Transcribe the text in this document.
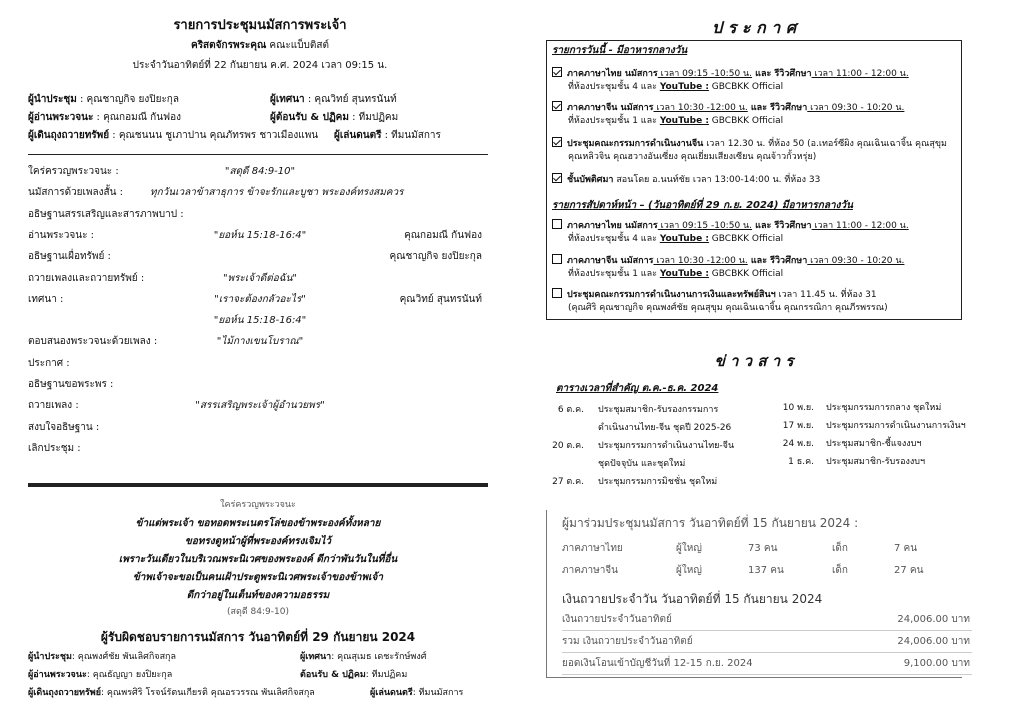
รายการประชุมนมัสการพระเจ้า
คริสตจักรพระคุณ คณะแบ็บติสต์
ประจำวันอาทิตย์ที่ 22 กันยายน ค.ศ. 2024 เวลา 09:15 น.
ผู้นำประชุม : คุณชาญกิจ ยงปิยะกุล	ผู้เทศนา : คุณวิทย์ สุนทรนันท์
ผู้อ่านพระวจนะ : คุณกอมณี กันฟอง	ผู้ต้อนรับ & ปฏิคม : ทีมปฏิคม
ผู้เดินถุงถวายทรัพย์ : คุณชนนน ชูเภาปาน คุณภัทรพร ชาวเมืองแพน ผู้เล่นดนตรี : ทีมนมัสการ
ใคร่ครวญพระวจนะ :	"สดุดี 84:9-10"
นมัสการด้วยเพลงสั้น :	ทุกวันเวลาข้าสาธุการ ข้าจะรักและบูชา พระองค์ทรงสมควร
อธิษฐานสรรเสริญและสารภาพบาป :
อ่านพระวจนะ :	"ยอห์น 15:18-16:4"	คุณกอมณี กันฟอง
อธิษฐานเผื่อทรัพย์ :	คุณชาญกิจ ยงปิยะกุล
ถวายเพลงและถวายทรัพย์ :	"พระเจ้าดีต่อฉัน"
เทศนา :	"เราจะต้องกลัวอะไร"	คุณวิทย์ สุนทรนันท์
"ยอห์น 15:18-16:4"
ตอบสนองพระวจนะด้วยเพลง :	"ไม้กางเขนโบราณ"
ประกาศ :
อธิษฐานขอพระพร :
ถวายเพลง :	"สรรเสริญพระเจ้าผู้อำนวยพร"
สงบใจอธิษฐาน :
เลิกประชุม :
ใคร่ครวญพระวจนะ
ข้าแต่พระเจ้า ขอทอดพระเนตรโล่ของข้าพระองค์ทั้งหลาย
ขอทรงดูหน้าผู้ที่พระองค์ทรงเจิมไว้
เพราะวันเดียวในบริเวณพระนิเวศของพระองค์ ดีกว่าพันวันในที่อื่น
ข้าพเจ้าจะขอเป็นคนเฝ้าประตูพระนิเวศพระเจ้าของข้าพเจ้า
ดีกว่าอยู่ในเต็นท์ของความอธรรม
(สดุดี 84:9-10)
ผู้รับผิดชอบรายการนมัสการ วันอาทิตย์ที่ 29 กันยายน 2024
ผู้นำประชุม: คุณพงศ์ชัย พันเลิศกิจสกุล	ผู้เทศนา: คุณสุเมธ เดชะรักษ์พงศ์
ผู้อ่านพระวจนะ: คุณธัญญา ยงปิยะกุล	ต้อนรับ & ปฏิคม: ทีมปฏิคม
ผู้เดินถุงถวายทรัพย์: คุณพรศิริ โรจน์รัตนเกียรติ คุณอรวรรณ พันเลิศกิจสกุล	ผู้เล่นดนตรี: ทีมนมัสการ
ป ร ะ ก า ศ
รายการวันนี้ - มีอาหารกลางวัน
ภาคภาษาไทย นมัสการ เวลา 09:15 -10:50 น. และ รีวิวศึกษา เวลา 11:00 - 12:00 น.
ที่ห้องประชุมชั้น 4 และ YouTube : GBCBKK Official
ภาคภาษาจีน นมัสการ เวลา 10:30 -12:00 น. และ รีวิวศึกษา เวลา 09:30 - 10:20 น.
ที่ห้องประชุมชั้น 1 และ YouTube : GBCBKK Official
ประชุมคณะกรรมการดำเนินงานจีน เวลา 12.30 น. ที่ห้อง 50 (อ.เทอร์ซีผิง คุณเฉินเฉาจิ้น คุณสุขุม
คุณหลิวจิน คุณฮวางอันเซี่ยง คุณเยี่ยมเสียงเซียน คุณจ้าวกั้วหรุ่ย)
ชั้นบัพติศมา สอนโดย อ.นนท์ชัย เวลา 13:00-14:00 น. ที่ห้อง 33
รายการสัปดาห์หน้า – (วันอาทิตย์ที่ 29 ก.ย. 2024) มีอาหารกลางวัน
ภาคภาษาไทย นมัสการ เวลา 09:15 -10:50 น. และ รีวิวศึกษา เวลา 11:00 - 12:00 น.
ที่ห้องประชุมชั้น 4 และ YouTube : GBCBKK Official
ภาคภาษาจีน นมัสการ เวลา 10:30 -12:00 น. และ รีวิวศึกษา เวลา 09:30 - 10:20 น.
ที่ห้องประชุมชั้น 1 และ YouTube : GBCBKK Official
ประชุมคณะกรรมการดำเนินงานการเงินและทรัพย์สินฯ เวลา 11.45 น. ที่ห้อง 31
(คุณศิริ คุณชาญกิจ คุณพงศ์ชัย คุณสุขุม คุณเฉินเฉาจิ้น คุณกรรณิกา คุณภีรพรรณ)
ข่ า ว ส า ร
ตารางเวลาที่สำคัญ ต.ค.-ธ.ค. 2024
6 ต.ค. ประชุมสมาชิก-รับรองกรรมการ
ดำเนินงานไทย-จีน ชุดปี 2025-26
20 ต.ค. ประชุมกรรมการดำเนินงานไทย-จีน
ชุดปัจจุบัน และชุดใหม่
27 ต.ค. ประชุมกรรมการมิชชั่น ชุดใหม่
10 พ.ย. ประชุมกรรมการกลาง ชุดใหม่
17 พ.ย. ประชุมกรรมการดำเนินงานการเงินฯ
24 พ.ย. ประชุมสมาชิก-ชี้แจงงบฯ
1 ธ.ค. ประชุมสมาชิก-รับรองงบฯ
ผู้มาร่วมประชุมนมัสการ วันอาทิตย์ที่ 15 กันยายน 2024 :
ภาคภาษาไทย	ผู้ใหญ่	73 คน	เด็ก	7 คน
ภาคภาษาจีน	ผู้ใหญ่	137 คน	เด็ก	27 คน
เงินถวายประจำวัน วันอาทิตย์ที่ 15 กันยายน 2024
เงินถวายประจำวันอาทิตย์	24,006.00 บาท
รวม เงินถวายประจำวันอาทิตย์	24,006.00 บาท
ยอดเงินโอนเข้าบัญชีวันที่ 12-15 ก.ย. 2024	9,100.00 บาท
